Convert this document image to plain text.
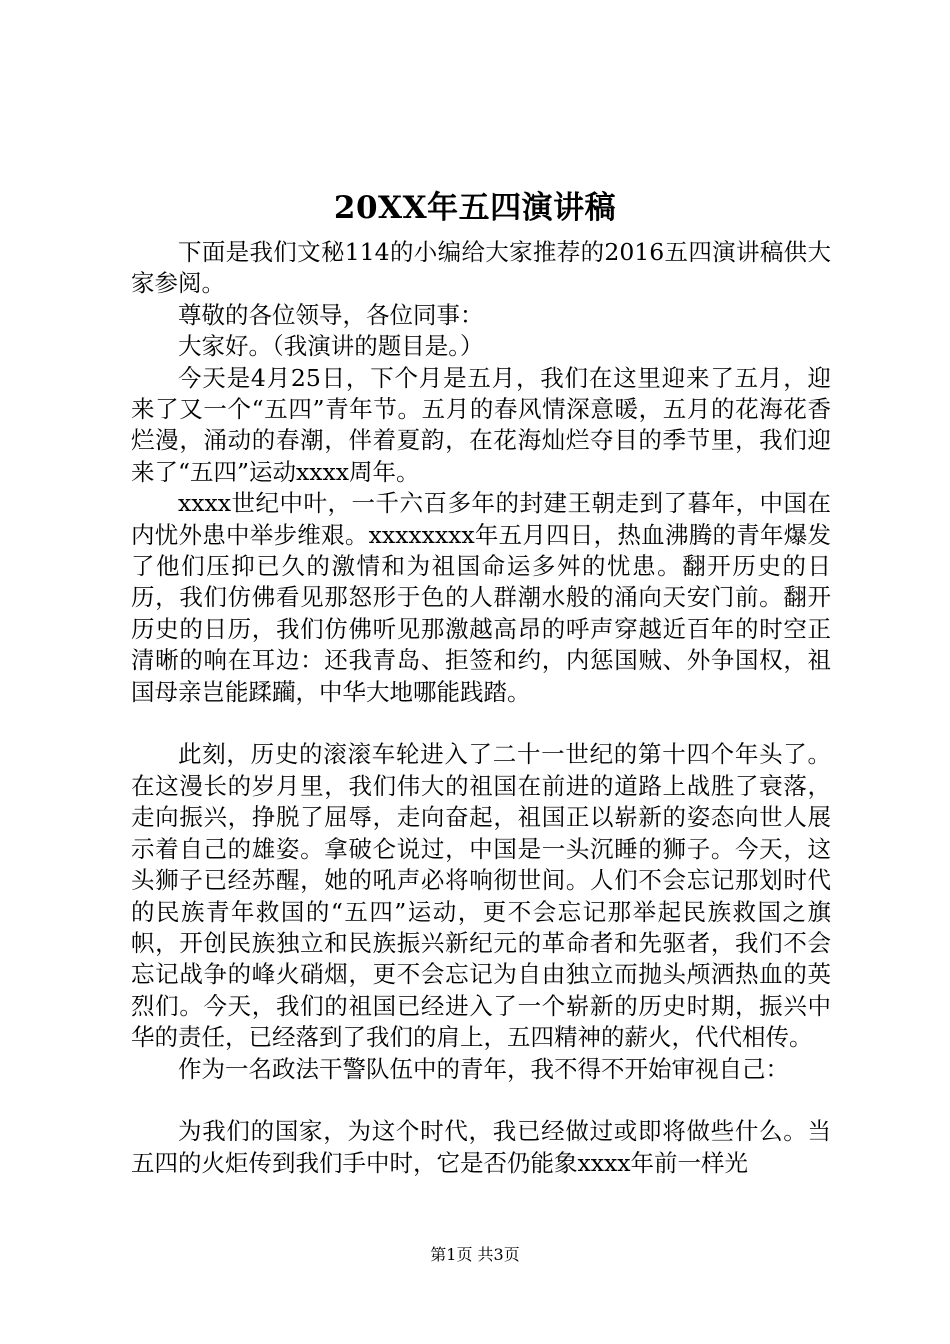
20XX年五四演讲稿

下面是我们文秘114的小编给大家推荐的2016五四演讲稿供大家参阅。

尊敬的各位领导，各位同事：

大家好。（我演讲的题目是。）

今天是4月25日，下个月是五月，我们在这里迎来了五月，迎来了又一个“五四”青年节。五月的春风情深意暖，五月的花海花香烂漫，涌动的春潮，伴着夏韵，在花海灿烂夺目的季节里，我们迎来了“五四”运动xxxx周年。

xxxx世纪中叶，一千六百多年的封建王朝走到了暮年，中国在内忧外患中举步维艰。xxxxxxxx年五月四日，热血沸腾的青年爆发了他们压抑已久的激情和为祖国命运多舛的忧患。翻开历史的日历，我们仿佛看见那怒形于色的人群潮水般的涌向天安门前。翻开历史的日历，我们仿佛听见那激越高昂的呼声穿越近百年的时空正清晰的响在耳边：还我青岛、拒签和约，内惩国贼、外争国权，祖国母亲岂能蹂躏，中华大地哪能践踏。

此刻，历史的滚滚车轮进入了二十一世纪的第十四个年头了。在这漫长的岁月里，我们伟大的祖国在前进的道路上战胜了衰落，走向振兴，挣脱了屈辱，走向奋起，祖国正以崭新的姿态向世人展示着自己的雄姿。拿破仑说过，中国是一头沉睡的狮子。今天，这头狮子已经苏醒，她的吼声必将响彻世间。人们不会忘记那划时代的民族青年救国的“五四”运动，更不会忘记那举起民族救国之旗帜，开创民族独立和民族振兴新纪元的革命者和先驱者，我们不会忘记战争的峰火硝烟，更不会忘记为自由独立而抛头颅洒热血的英烈们。今天，我们的祖国已经进入了一个崭新的历史时期，振兴中华的责任，已经落到了我们的肩上，五四精神的薪火，代代相传。

作为一名政法干警队伍中的青年，我不得不开始审视自己：

为我们的国家，为这个时代，我已经做过或即将做些什么。当五四的火炬传到我们手中时，它是否仍能象xxxx年前一样光

第1页 共3页
